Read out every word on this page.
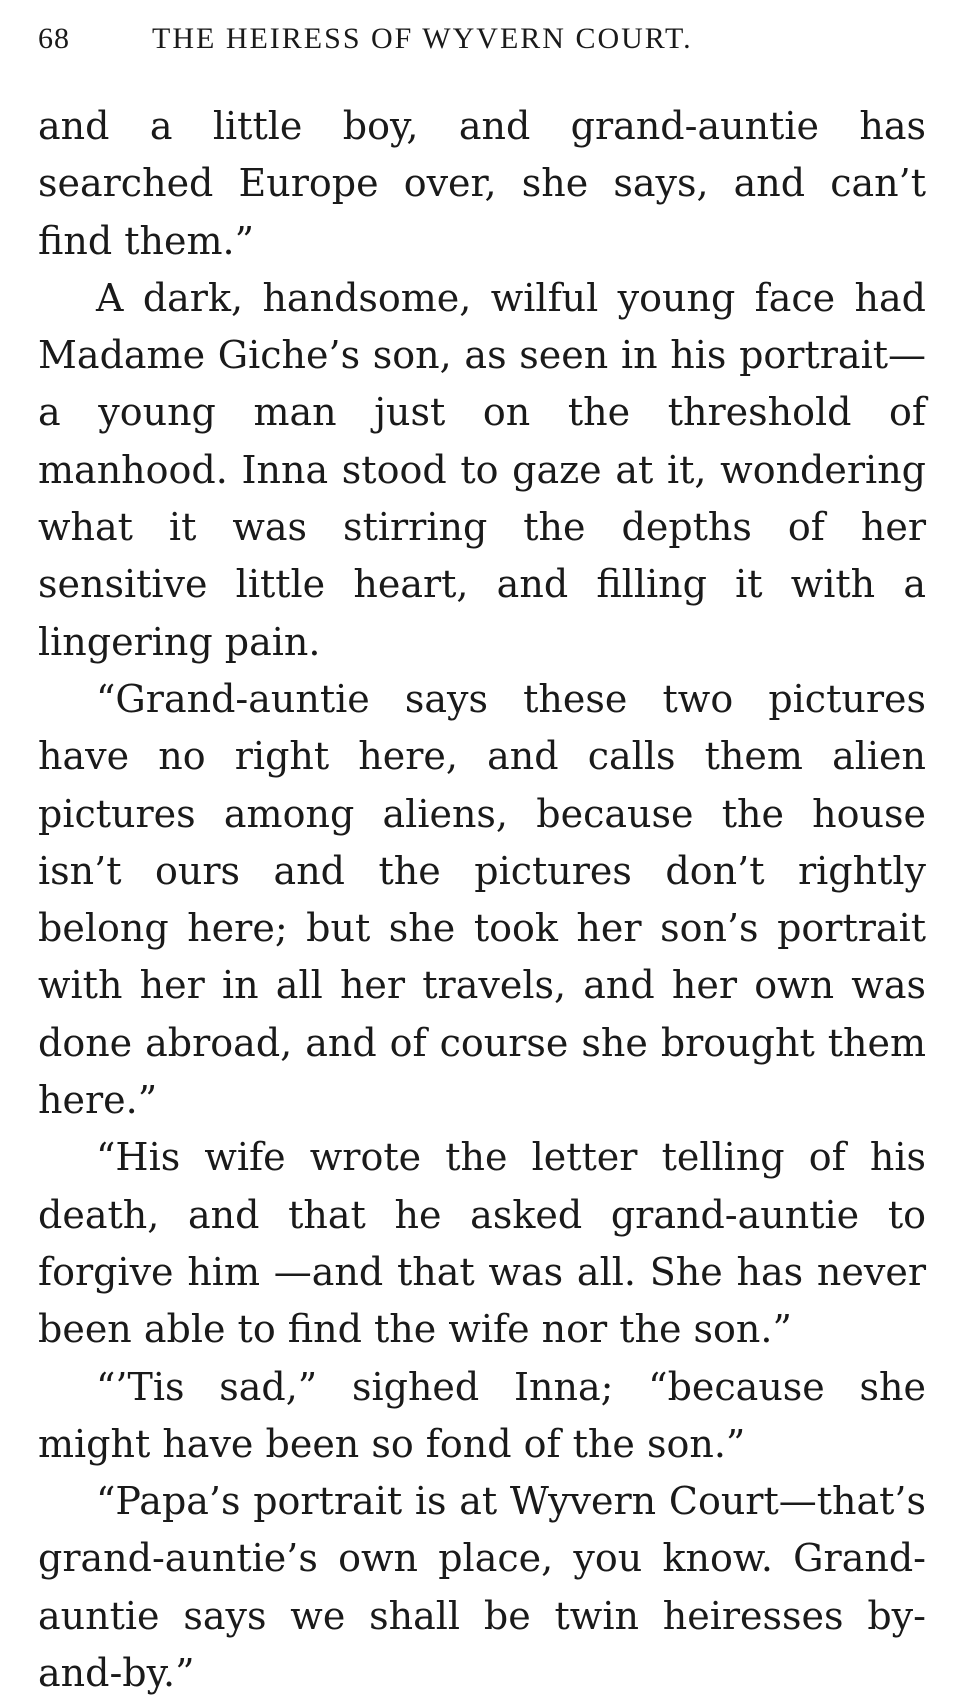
68	THE HEIRESS OF WYVERN COURT.

and a little boy, and grand-auntie has searched Europe over, she says, and can’t find them.”

A dark, handsome, wilful young face had Madame Giche’s son, as seen in his portrait—a young man just on the threshold of manhood. Inna stood to gaze at it, wondering what it was stirring the depths of her sensitive little heart, and filling it with a lingering pain.

“Grand-auntie says these two pictures have no right here, and calls them alien pictures among aliens, because the house isn’t ours and the pictures don’t rightly belong here; but she took her son’s portrait with her in all her travels, and her own was done abroad, and of course she brought them here.”

“His wife wrote the letter telling of his death, and that he asked grand-auntie to forgive him —and that was all. She has never been able to find the wife nor the son.”

“’Tis sad,” sighed Inna; “because she might have been so fond of the son.”

“Papa’s portrait is at Wyvern Court—that’s grand-auntie’s own place, you know. Grand-auntie says we shall be twin heiresses by-and-by.”
